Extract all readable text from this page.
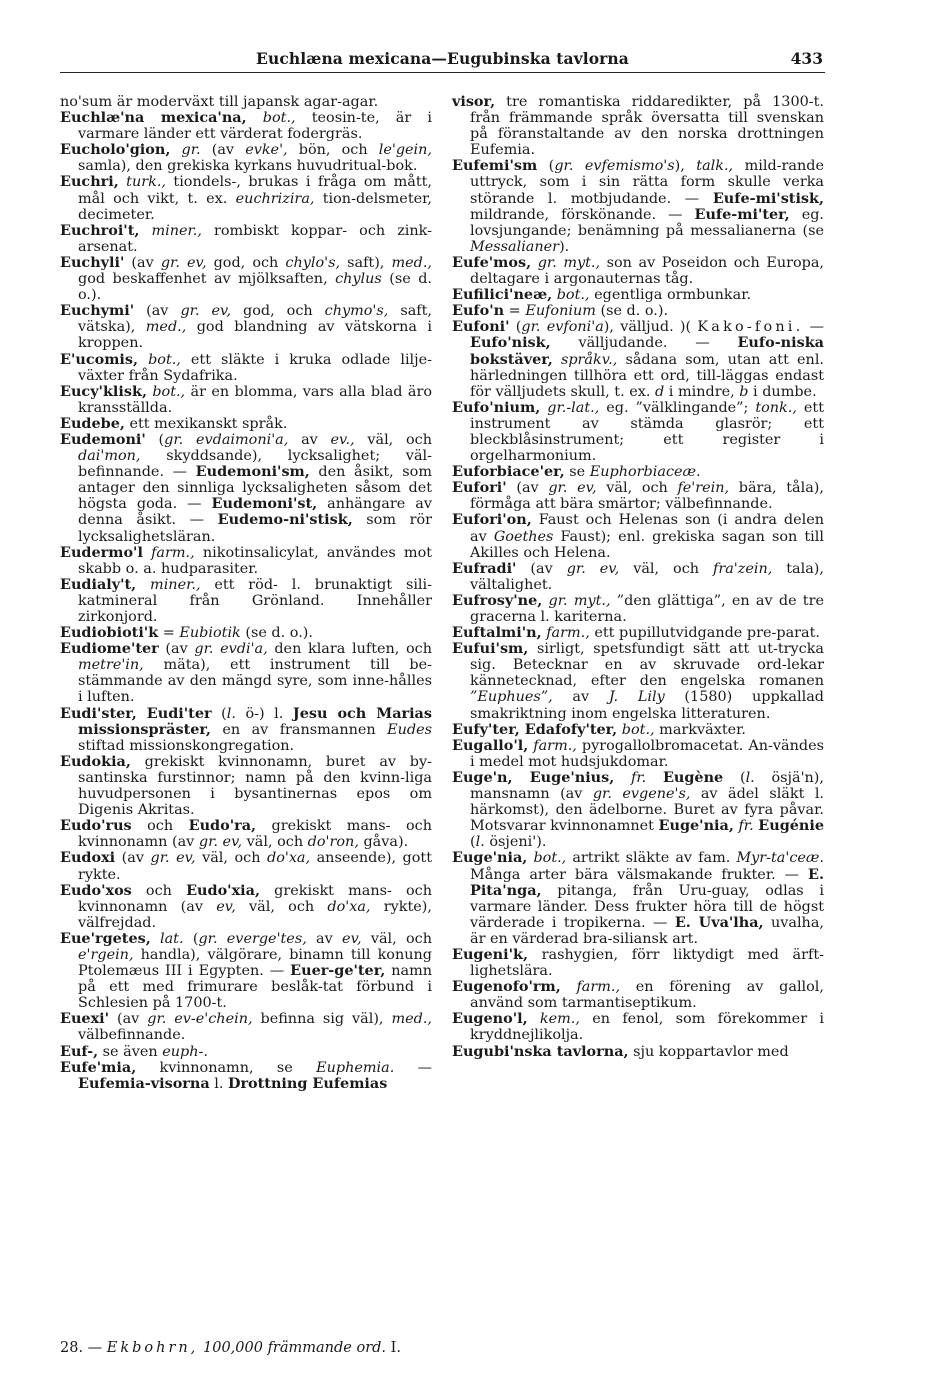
Euchlæna mexicana—Eugubinska tavlorna	433

no'sum är moderväxt till japansk agar-agar.

Euchlæ'na mexica'na, bot., teosin-te, är i varmare länder ett värderat fodergräs.

Eucholo'gion, gr. (av evke', bön, och le'gein, samla), den grekiska kyrkans huvudritual-bok.

Euchri, turk., tiondels-, brukas i fråga om mått, mål och vikt, t. ex. euchrizira, tion-delsmeter, decimeter.

Euchroi't, miner., rombiskt koppar- och zink-arsenat.

Euchyli' (av gr. ev, god, och chylo's, saft), med., god beskaffenhet av mjölksaften, chylus (se d. o.).

Euchymi' (av gr. ev, god, och chymo's, saft, vätska), med., god blandning av vätskorna i kroppen.

E'ucomis, bot., ett släkte i kruka odlade lilje-växter från Sydafrika.

Eucy'klisk, bot., är en blomma, vars alla blad äro kransställda.

Eudebe, ett mexikanskt språk.

Eudemoni' (gr. evdaimoni'a, av ev., väl, och dai'mon, skyddsande), lycksalighet; väl-befinnande. — Eudemoni'sm, den åsikt, som antager den sinnliga lycksaligheten såsom det högsta goda. — Eudemoni'st, anhängare av denna åsikt. — Eudemo-ni'stisk, som rör lycksalighetsläran.

Eudermo'l farm., nikotinsalicylat, användes mot skabb o. a. hudparasiter.

Eudialy't, miner., ett röd- l. brunaktigt sili-katmineral från Grönland. Innehåller zirkonjord.

Eudiobioti'k = Eubiotik (se d. o.).

Eudiome'ter (av gr. evdi'a, den klara luften, och metre'in, mäta), ett instrument till be-stämmande av den mängd syre, som inne-hålles i luften.

Eudi'ster, Eudi'ter (l. ö-) l. Jesu och Marias missionspräster, en av fransmannen Eudes stiftad missionskongregation.

Eudokia, grekiskt kvinnonamn, buret av by-santinska furstinnor; namn på den kvinn-liga huvudpersonen i bysantinernas epos om Digenis Akritas.

Eudo'rus och Eudo'ra, grekiskt mans- och kvinnonamn (av gr. ev, väl, och do'ron, gåva).

Eudoxi (av gr. ev, väl, och do'xa, anseende), gott rykte.

Eudo'xos och Eudo'xia, grekiskt mans- och kvinnonamn (av ev, väl, och do'xa, rykte), välfrejdad.

Eue'rgetes, lat. (gr. everge'tes, av ev, väl, och e'rgein, handla), välgörare, binamn till konung Ptolemæus III i Egypten. — Euer-ge'ter, namn på ett med frimurare beslåk-tat förbund i Schlesien på 1700-t.

Euexi' (av gr. ev-e'chein, befinna sig väl), med., välbefinnande.

Euf-, se även euph-.

Eufe'mia, kvinnonamn, se Euphemia. — Eufemia-visorna l. Drottning Eufemias

visor, tre romantiska riddaredikter, på 1300-t. från främmande språk översatta till svenskan på föranstaltande av den norska drottningen Eufemia.

Eufemi'sm (gr. evfemismo's), talk., mild-rande uttryck, som i sin rätta form skulle verka störande l. motbjudande. — Eufe-mi'stisk, mildrande, förskönande. — Eufe-mi'ter, eg. lovsjungande; benämning på messalianerna (se Messalianer).

Eufe'mos, gr. myt., son av Poseidon och Europa, deltagare i argonauternas tåg.

Eufilici'neæ, bot., egentliga ormbunkar.

Eufo'n = Eufonium (se d. o.).

Eufoni' (gr. evfoni'a), välljud. )( Kako-foni. — Eufo'nisk, välljudande. — Eufo-niska bokstäver, språkv., sådana som, utan att enl. härledningen tillhöra ett ord, till-läggas endast för välljudets skull, t. ex. d i mindre, b i dumbe.

Eufo'nium, gr.-lat., eg. ”välklingande”; tonk., ett instrument av stämda glasrör; ett bleckblåsinstrument; ett register i orgelharmonium.

Euforbiace'er, se Euphorbiaceæ.

Eufori' (av gr. ev, väl, och fe'rein, bära, tåla), förmåga att bära smärtor; välbefinnande.

Eufori'on, Faust och Helenas son (i andra delen av Goethes Faust); enl. grekiska sagan son till Akilles och Helena.

Eufradi' (av gr. ev, väl, och fra'zein, tala), vältalighet.

Eufrosy'ne, gr. myt., ”den glättiga”, en av de tre gracerna l. kariterna.

Euftalmi'n, farm., ett pupillutvidgande pre-parat.

Eufui'sm, sirligt, spetsfundigt sätt att ut-trycka sig. Betecknar en av skruvade ord-lekar kännetecknad, efter den engelska romanen ”Euphues”, av J. Lily (1580) uppkallad smakriktning inom engelska litteraturen.

Eufy'ter, Edafofy'ter, bot., markväxter.

Eugallo'l, farm., pyrogallolbromacetat. An-vändes i medel mot hudsjukdomar.

Euge'n, Euge'nius, fr. Eugène (l. ösjä'n), mansnamn (av gr. evgene's, av ädel släkt l. härkomst), den ädelborne. Buret av fyra påvar. Motsvarar kvinnonamnet Euge'nia, fr. Eugénie (l. ösjeni').

Euge'nia, bot., artrikt släkte av fam. Myr-ta'ceæ. Många arter bära välsmakande frukter. — E. Pita'nga, pitanga, från Uru-guay, odlas i varmare länder. Dess frukter höra till de högst värderade i tropikerna. — E. Uva'lha, uvalha, är en värderad bra-siliansk art.

Eugeni'k, rashygien, förr liktydigt med ärft-lighetslära.

Eugenofo'rm, farm., en förening av gallol, använd som tarmantiseptikum.

Eugeno'l, kem., en fenol, som förekommer i kryddnejlikolja.

Eugubi'nska tavlorna, sju koppartavlor med

28. — Ekbohrn, 100,000 främmande ord. I.
